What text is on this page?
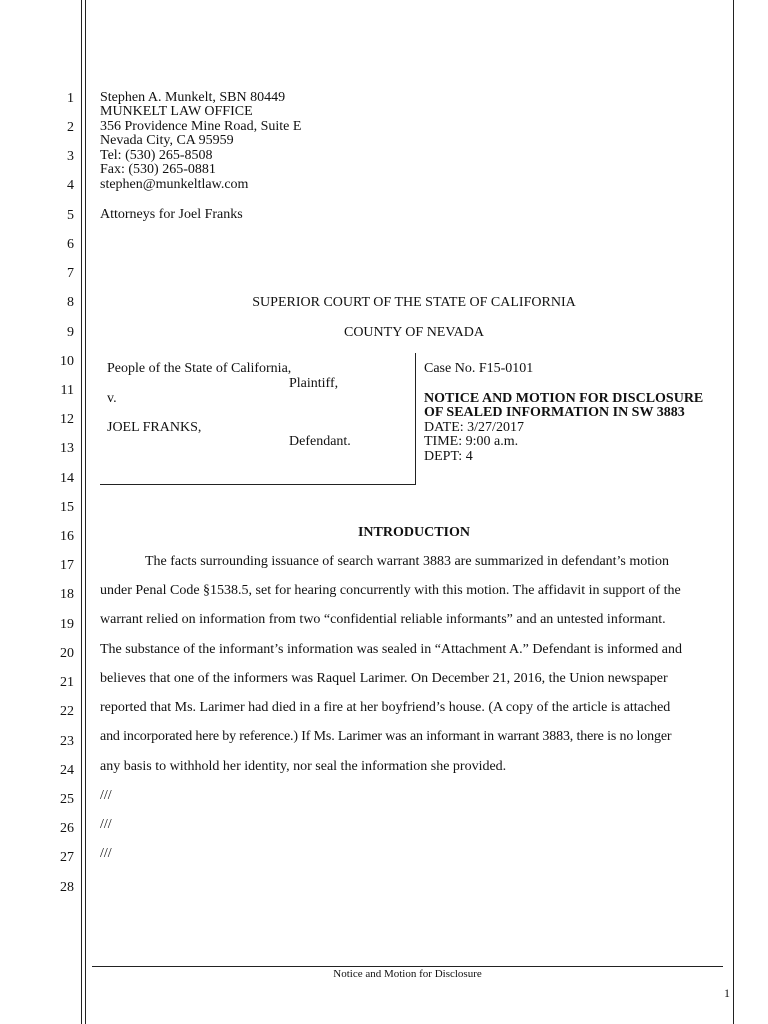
1
2
3
4
5
6
7
8
9
10
11
12
13
14
15
16
17
18
19
20
21
22
23
24
25
26
27
28
Stephen A. Munkelt, SBN 80449
MUNKELT LAW OFFICE
356 Providence Mine Road, Suite E
Nevada City, CA 95959
Tel: (530) 265-8508
Fax: (530) 265-0881
stephen@munkeltlaw.com
Attorneys for Joel Franks
SUPERIOR COURT OF THE STATE OF CALIFORNIA
COUNTY OF NEVADA
People of the State of California,
Plaintiff,
v.
JOEL FRANKS,
Defendant.
Case No. F15-0101
NOTICE AND MOTION FOR DISCLOSURE
OF SEALED INFORMATION IN SW 3883
DATE: 3/27/2017
TIME: 9:00 a.m.
DEPT: 4
INTRODUCTION
The facts surrounding issuance of search warrant 3883 are summarized in defendant’s motion
under Penal Code §1538.5, set for hearing concurrently with this motion. The affidavit in support of the
warrant relied on information from two “confidential reliable informants” and an untested informant.
The substance of the informant’s information was sealed in “Attachment A.” Defendant is informed and
believes that one of the informers was Raquel Larimer. On December 21, 2016, the Union newspaper
reported that Ms. Larimer had died in a fire at her boyfriend’s house. (A copy of the article is attached
and incorporated here by reference.) If Ms. Larimer was an informant in warrant 3883, there is no longer
any basis to withhold her identity, nor seal the information she provided.
///
///
///
Notice and Motion for Disclosure
1
